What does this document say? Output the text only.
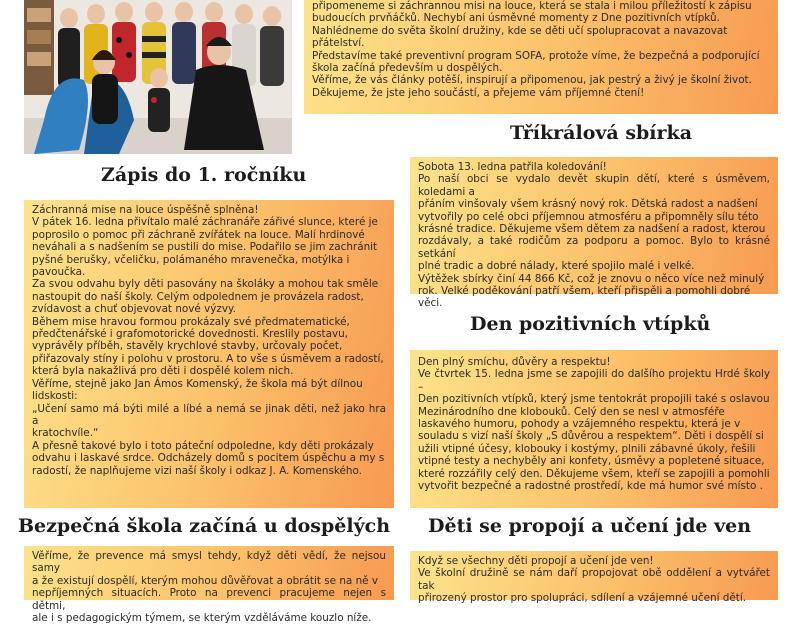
připomeneme si záchrannou misi na louce, která se stala i milou příležitostí k zápisu

budoucích prvňáčků. Nechybí ani úsměvné momenty z Dne pozitivních vtípků.

Nahlédneme do světa školní družiny, kde se děti učí spolupracovat a navazovat

přátelství.

Představíme také preventivní program SOFA, protože víme, že bezpečná a podporující

škola začíná především u dospělých.

Věříme, že vás články potěší, inspirují a připomenou, jak pestrý a živý je školní život.

Děkujeme, že jste jeho součástí, a přejeme vám příjemné čtení!

Tříkrálová sbírka
Zápis do 1. ročníku
Den pozitivních vtípků
Bezpečná škola začíná u dospělých Děti se propojí a učení jde ven

Sobota 13. ledna patřila koledování!

Po naší obci se vydalo devět skupin dětí, které s úsměvem, koledami a

přáním vinšovaly všem krásný nový rok. Dětská radost a nadšení

vytvořily po celé obci příjemnou atmosféru a připomněly sílu této

krásné tradice. Děkujeme všem dětem za nadšení a radost, kterou

rozdávaly, a také rodičům za podporu a pomoc. Bylo to krásné setkání

plné tradic a dobré nálady, které spojilo malé i velké.

Výtěžek sbírky činí 44 866 Kč, což je znovu o něco více než minulý

rok. Velké poděkování patří všem, kteří přispěli a pomohli dobré věci.

Záchranná mise na louce úspěšně splněna!

V pátek 16. ledna přivítalo malé záchranáře zářivé slunce, které je

poprosilo o pomoc při záchraně zvířátek na louce. Malí hrdinové

neváhali a s nadšením se pustili do mise. Podařilo se jim zachránit

pyšné berušky, včeličku, polámaného mravenečka, motýlka i

pavoučka.

Za svou odvahu byly děti pasovány na školáky a mohou tak směle

nastoupit do naší školy. Celým odpolednem je provázela radost,

zvídavost a chuť objevovat nové výzvy.

Během mise hravou formou prokázaly své předmatematické,

předčtenářské i grafomotorické dovednosti. Kreslily postavu,

vyprávěly příběh, stavěly krychlové stavby, určovaly počet,

přiřazovaly stíny i polohu v prostoru. A to vše s úsměvem a radostí,

která byla nakažlivá pro děti i dospělé kolem nich.

Věříme, stejně jako Jan Ámos Komenský, že škola má být dílnou

lidskosti:

„Učení samo má býti milé a líbé a nemá se jinak děti, než jako hra a

kratochvíle.“

A přesně takové bylo i toto páteční odpoledne, kdy děti prokázaly

odvahu i laskavé srdce. Odcházely domů s pocitem úspěchu a my s

radostí, že naplňujeme vizi naší školy i odkaz J. A. Komenského.

Den plný smíchu, důvěry a respektu!

Ve čtvrtek 15. ledna jsme se zapojili do dalšího projektu Hrdé školy –

Den pozitivních vtípků, který jsme tentokrát propojili také s oslavou

Mezinárodního dne klobouků. Celý den se nesl v atmosféře

laskavého humoru, pohody a vzájemného respektu, která je v

souladu s vizí naší školy „S důvěrou a respektem“. Děti i dospělí si

užili vtipné účesy, klobouky i kostýmy, plnili zábavné úkoly, řešili

vtipné testy a nechyběly ani konfety, úsměvy a popletené situace,

které rozzářily celý den. Děkujeme všem, kteří se zapojili a pomohli

vytvořit bezpečné a radostné prostředí, kde má humor své místo .

Věříme, že prevence má smysl tehdy, když děti vědí, že nejsou samy

a že existují dospělí, kterým mohou důvěřovat a obrátit se na ně v

nepříjemných situacích. Proto na prevenci pracujeme nejen s dětmi,

ale i s pedagogickým týmem, se kterým vzděláváme kouzlo níže.

Když se všechny děti propojí a učení jde ven!

Ve školní družině se nám daří propojovat obě oddělení a vytvářet tak

přirozený prostor pro spolupráci, sdílení a vzájemné učení dětí.
